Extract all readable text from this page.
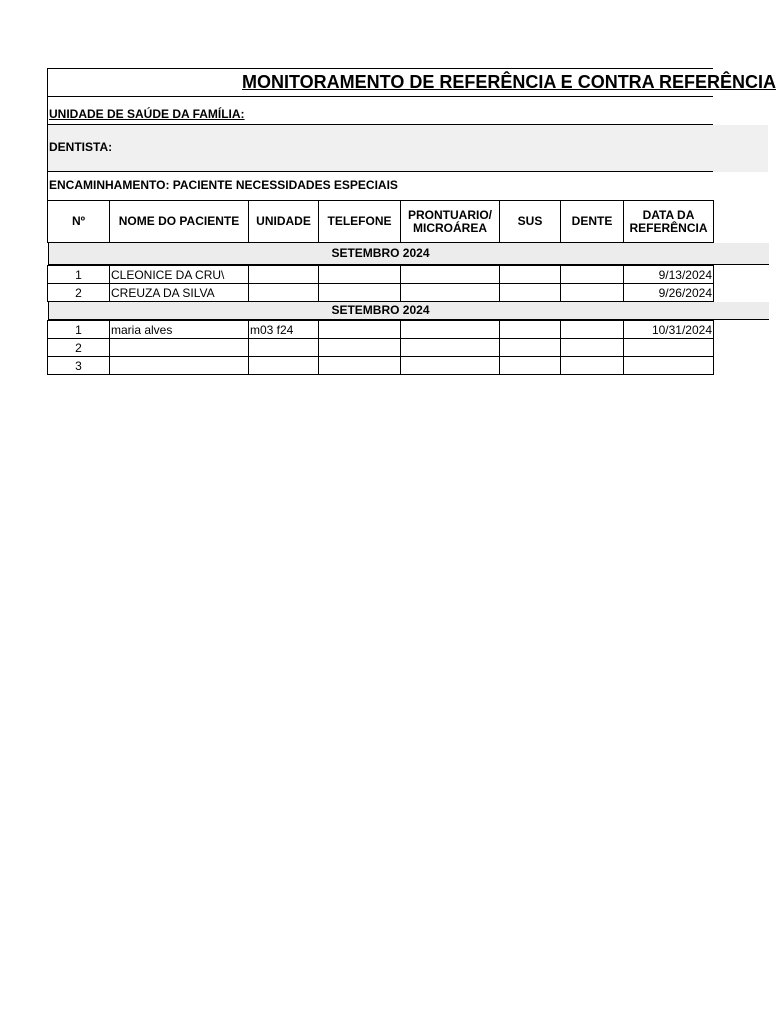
MONITORAMENTO DE REFERÊNCIA E CONTRA REFERÊNCIA
UNIDADE DE SAÚDE DA FAMÍLIA:
DENTISTA:
ENCAMINHAMENTO: PACIENTE NECESSIDADES ESPECIAIS
Nº	NOME DO PACIENTE	UNIDADE	TELEFONE	PRONTUARIO/ MICROÁREA	SUS	DENTE	DATA DA REFERÊNCIA

SETEMBRO 2024							

1	CLEONICE DA CRU\						9/13/2024
2	CREUZA DA SILVA						9/26/2024

SETEMBRO 2024							

1	maria alves	m03 f24					10/31/2024
2							
3							
